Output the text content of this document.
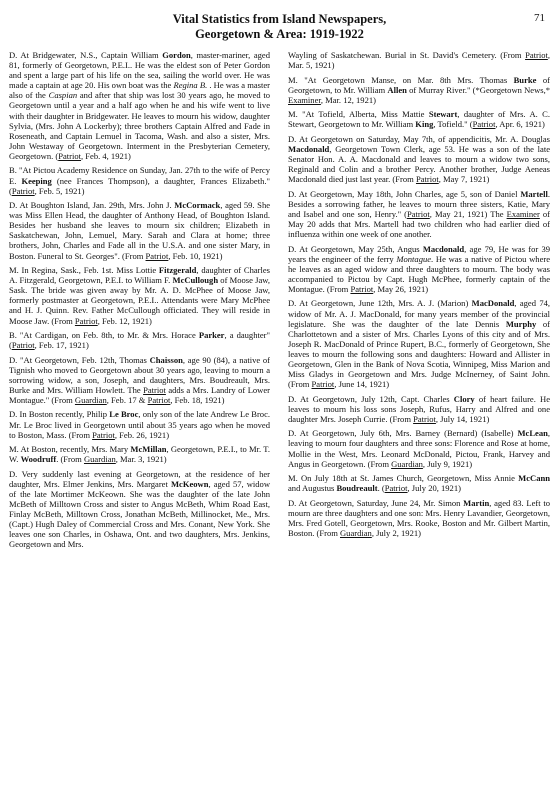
71
Vital Statistics from Island Newspapers,
Georgetown & Area: 1919-1922

D. At Bridgewater, N.S., Captain William Gordon, master-mariner, aged 81, formerly of Georgetown, P.E.I.. He was the eldest son of Peter Gordon and spent a large part of his life on the sea, sailing the world over. He was made a captain at age 20. His own boat was the Regina B. . He was a master also of the Caspian and after that ship was lost 30 years ago, he moved to Georgetown until a year and a half ago when he and his wife went to live with their daughter in Bridgewater. He leaves to mourn his widow, daughter Sylvia, (Mrs. John A Lockerby); three brothers Captain Alfred and Fade in Roseneath, and Captain Lemuel in Tacoma, Wash. and also a sister, Mrs. John Westaway of Georgetown. Interment in the Presbyterian Cemetery, Georgetown. (Patriot, Feb. 4, 1921)

B. "At Pictou Academy Residence on Sunday, Jan. 27th to the wife of Percy E. Keeping (nee Frances Thompson), a daughter, Frances Elizabeth." (Patriot, Feb. 5, 1921)

D. At Boughton Island, Jan. 29th, Mrs. John J. McCormack, aged 59. She was Miss Ellen Head, the daughter of Anthony Head, of Boughton Island. Besides her husband she leaves to mourn six children; Elizabeth in Saskatchewan, John, Lemuel, Mary. Sarah and Clara at home; three brothers, John, Charles and Fade all in the U.S.A. and one sister Mary, in Boston. Funeral to St. Georges". (From Patriot, Feb. 10, 1921)

M. In Regina, Sask., Feb. 1st. Miss Lottie Fitzgerald, daughter of Charles A. Fitzgerald, Georgetown, P.E.I. to William F. McCullough of Moose Jaw, Sask. The bride was given away by Mr. A. D. McPhee of Moose Jaw, formerly postmaster at Georgetown, P.E.I.. Attendants were Mary McPhee and H. J. Quinn. Rev. Father McCullough officiated. They will reside in Moose Jaw. (From Patriot, Feb. 12, 1921)

B. "At Cardigan, on Feb. 8th, to Mr. & Mrs. Horace Parker, a daughter" (Patriot, Feb. 17, 1921)

D. "At Georgetown, Feb. 12th, Thomas Chaisson, age 90 (84), a native of Tignish who moved to Georgetown about 30 years ago, leaving to mourn a sorrowing widow, a son, Joseph, and daughters, Mrs. Boudreault, Mrs. Burke and Mrs. William Howlett. The Patriot adds a Mrs. Landry of Lower Montague." (From Guardian, Feb. 17 & Patriot, Feb. 18, 1921)

D. In Boston recently, Philip Le Broc, only son of the late Andrew Le Broc. Mr. Le Broc lived in Georgetown until about 35 years ago when he moved to Boston, Mass. (From Patriot, Feb. 26, 1921)

M. At Boston, recently, Mrs. Mary McMillan, Georgetown, P.E.I., to Mr. T. W. Woodruff. (From Guardian, Mar. 3, 1921)

D. Very suddenly last evening at Georgetown, at the residence of her daughter, Mrs. Elmer Jenkins, Mrs. Margaret McKeown, aged 57, widow of the late Mortimer McKeown. She was the daughter of the late John McBeth of Milltown Cross and sister to Angus McBeth, Whim Road East, Finlay McBeth, Milltown Cross, Jonathan McBeth, Millinocket, Me., Mrs. (Capt.) Hugh Daley of Commercial Cross and Mrs. Conant, New York. She leaves one son Charles, in Oshawa, Ont. and two daughters, Mrs. Jenkins, Georgetown and Mrs.

Wayling of Saskatchewan. Burial in St. David's Cemetery. (From Patriot, Mar. 5, 1921)

M. "At Georgetown Manse, on Mar. 8th Mrs. Thomas Burke of Georgetown, to Mr. William Allen of Murray River." (*Georgetown News,* Examiner, Mar. 12, 1921)

M. "At Tofield, Alberta, Miss Mattie Stewart, daughter of Mrs. A. C. Stewart, Georgetown to Mr. William King, Tofield." (Patriot, Apr. 6, 1921)

D. At Georgetown on Saturday, May 7th, of appendicitis, Mr. A. Douglas Macdonald, Georgetown Town Clerk, age 53. He was a son of the late Senator Hon. A. A. Macdonald and leaves to mourn a widow two sons, Reginald and Colin and a brother Percy. Another brother, Judge Aeneas Macdonald died just last year. (From Patriot, May 7, 1921)

D. At Georgetown, May 18th, John Charles, age 5, son of Daniel Martell. Besides a sorrowing father, he leaves to mourn three sisters, Katie, Mary and Isabel and one son, Henry." (Patriot, May 21, 1921) The Examiner of May 20 adds that Mrs. Martell had two children who had earlier died of influenza within one week of one another.

D. At Georgetown, May 25th, Angus Macdonald, age 79, He was for 39 years the engineer of the ferry Montague. He was a native of Pictou where he leaves as an aged widow and three daughters to mourn. The body was accompanied to Pictou by Capt. Hugh McPhee, formerly captain of the Montague. (From Patriot, May 26, 1921)

D. At Georgetown, June 12th, Mrs. A. J. (Marion) MacDonald, aged 74, widow of Mr. A. J. MacDonald, for many years member of the provincial legislature. She was the daughter of the late Dennis Murphy of Charlottetown and a sister of Mrs. Charles Lyons of this city and of Mrs. Joseph R. MacDonald of Prince Rupert, B.C., formerly of Georgetown, She leaves to mourn the following sons and daughters: Howard and Allister in Georgetown, Glen in the Bank of Nova Scotia, Winnipeg, Miss Marion and Miss Gladys in Georgetown and Mrs. Judge McInerney, of Saint John. (From Patriot, June 14, 1921)

D. At Georgetown, July 12th, Capt. Charles Clory of heart failure. He leaves to mourn his loss sons Joseph, Rufus, Harry and Alfred and one daughter Mrs. Joseph Currie. (From Patriot, July 14, 1921)

D. At Georgetown, July 6th, Mrs. Barney (Bernard) (Isabelle) McLean, leaving to mourn four daughters and three sons: Florence and Rose at home, Mollie in the West, Mrs. Leonard McDonald, Pictou, Frank, Harvey and Angus in Georgetown. (From Guardian, July 9, 1921)

M. On July 18th at St. James Church, Georgetown, Miss Annie McCann and Augustus Boudreault. (Patriot, July 20, 1921)

D. At Georgetown, Saturday, June 24, Mr. Simon Martin, aged 83. Left to mourn are three daughters and one son: Mrs. Henry Lavandier, Georgetown, Mrs. Fred Gotell, Georgetown, Mrs. Rooke, Boston and Mr. Gilbert Martin, Boston. (From Guardian, July 2, 1921)
